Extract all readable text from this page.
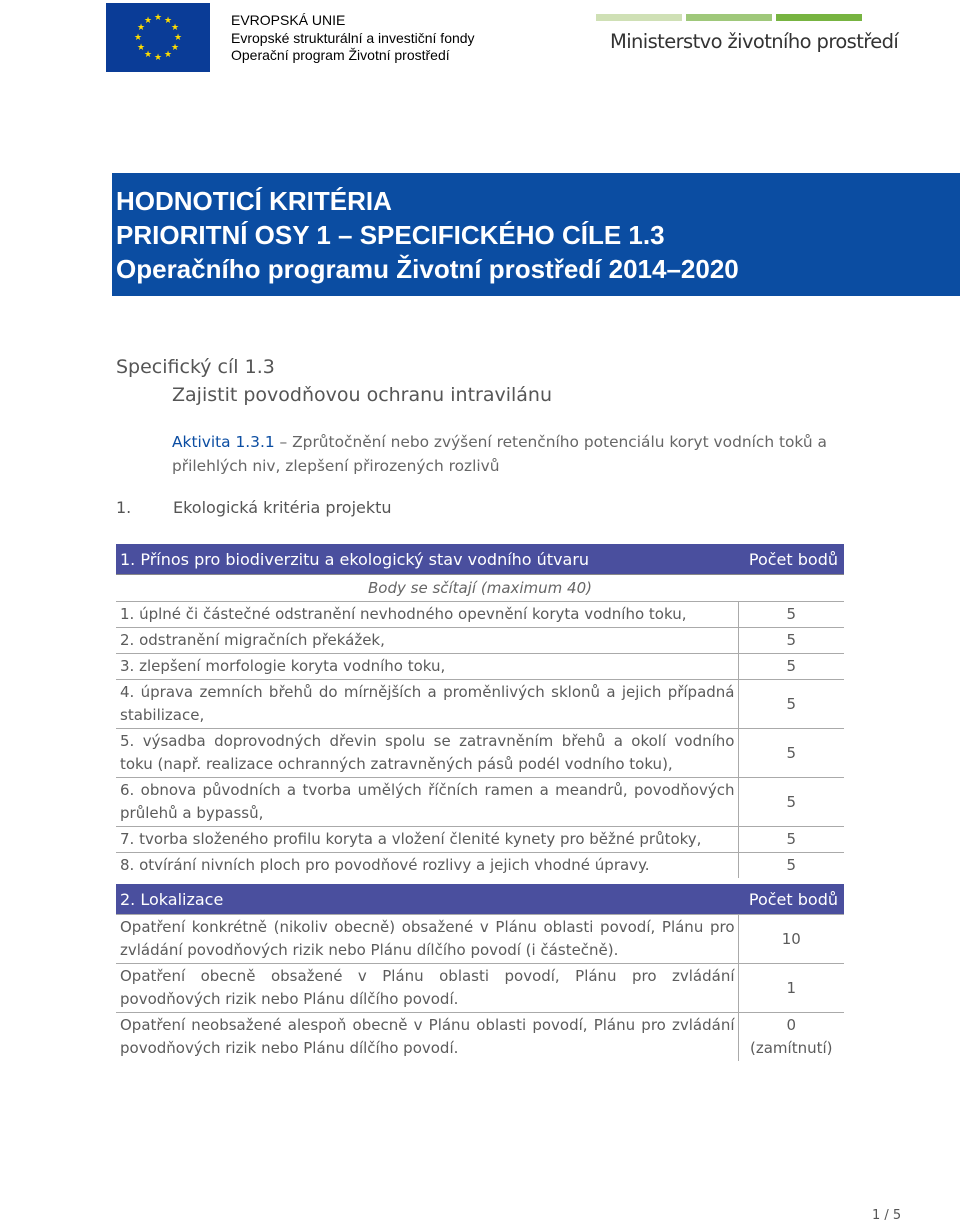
★ ★
★
★
★
★
★
★
★
★
★
★	EVROPSKÁ UNIE
Evropské strukturální a investiční fondy
Operační program Životní prostředí
Ministerstvo životního prostředí
HODNOTICÍ KRITÉRIA
PRIORITNÍ OSY 1 – SPECIFICKÉHO CÍLE 1.3
Operačního programu Životní prostředí 2014–2020
Specifický cíl 1.3
Zajistit povodňovou ochranu intravilánu
Aktivita 1.3.1 – Zprůtočnění nebo zvýšení retenčního potenciálu koryt vodních toků a přilehlých niv, zlepšení přirozených rozlivů
1.	Ekologická kritéria projektu
1. Přínos pro biodiverzitu a ekologický stav vodního útvaru	Počet bodů
Body se sčítají (maximum 40)	
1. úplné či částečné odstranění nevhodného opevnění koryta vodního toku,	5
2. odstranění migračních překážek,	5
3. zlepšení morfologie koryta vodního toku,	5
4. úprava zemních břehů do mírnějších a proměnlivých sklonů a jejich případná stabilizace,	5
5. výsadba doprovodných dřevin spolu se zatravněním břehů a okolí vodního toku (např. realizace ochranných zatravněných pásů podél vodního toku),	5
6. obnova původních a tvorba umělých říčních ramen a meandrů, povodňových průlehů a bypassů,	5
7. tvorba složeného profilu koryta a vložení členité kynety pro běžné průtoky,	5
8. otvírání nivních ploch pro povodňové rozlivy a jejich vhodné úpravy.	5

2. Lokalizace	Počet bodů
Opatření konkrétně (nikoliv obecně) obsažené v Plánu oblasti povodí, Plánu pro zvládání povodňových rizik nebo Plánu dílčího povodí (i částečně).	10
Opatření obecně obsažené v Plánu oblasti povodí, Plánu pro zvládání povodňových rizik nebo Plánu dílčího povodí.	1
Opatření neobsažené alespoň obecně v Plánu oblasti povodí, Plánu pro zvládání povodňových rizik nebo Plánu dílčího povodí.	0
(zamítnutí)
1 / 5
